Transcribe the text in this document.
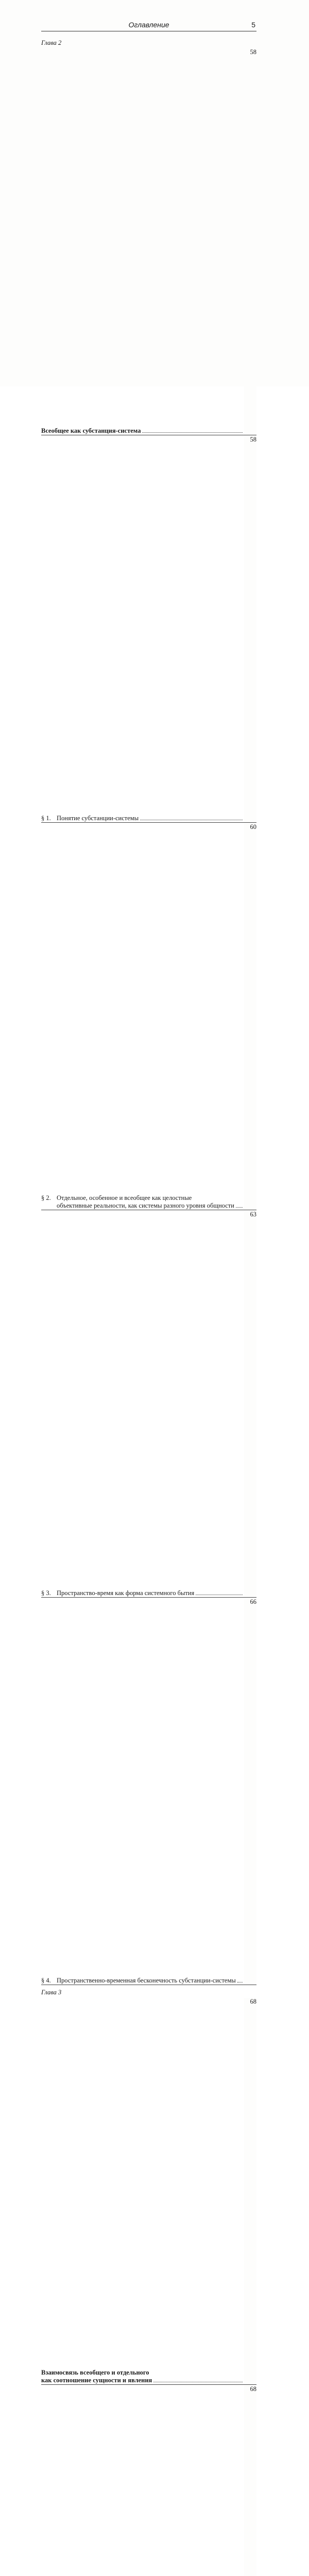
Оглавление	5
Глава 2
Всеобщее как субстанция-система
58
§ 1. Понятие субстанции-системы
58
§ 2. Отдельное, особенное и всеобщее как целостные
объективные реальности, как системы разного уровня общности
60
§ 3. Пространство-время как форма системного бытия
63
§ 4. Пространственно-временная бесконечность субстанции-системы
66
Глава 3
Взаимосвязь всеобщего и отдельного
как соотношение сущности и явления
68
68
